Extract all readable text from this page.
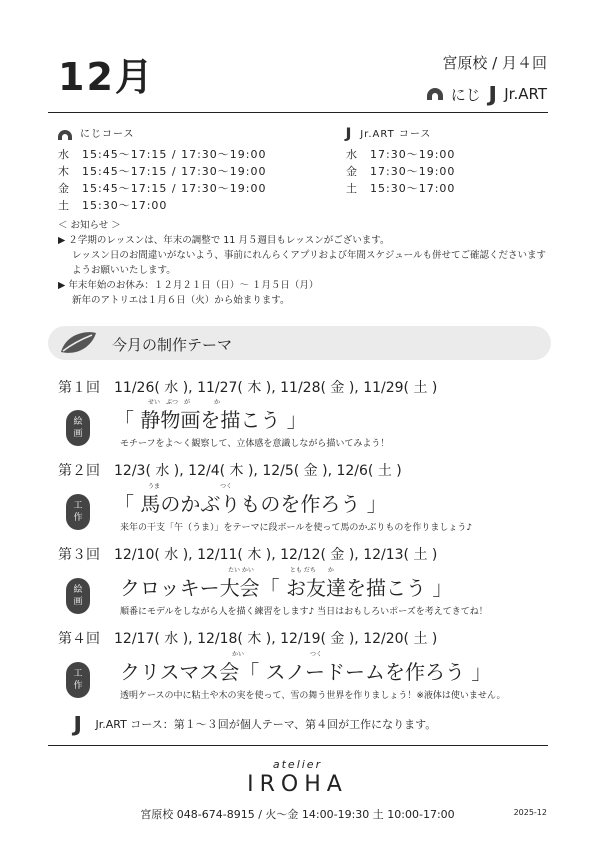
12月	宮原校 / 月４回
にじ J Jr.ART
にじコース
水　 15:45〜17:15 / 17:30〜19:00
木　 15:45〜17:15 / 17:30〜19:00
金　 15:45〜17:15 / 17:30〜19:00
土　 15:30〜17:00
J Jr.ART コース
水　 17:30〜19:00
金　 17:30〜19:00
土　 15:30〜17:00
＜ お知らせ ＞
▶ ２学期のレッスンは、年末の調整で 11 月５週目もレッスンがございます。
レッスン日のお間違いがないよう、事前にれんらくアプリおよび年間スケジュールも併せてご確認くださいます
ようお願いいたします。
▶ 年末年始のお休み：１２月２１日（日）〜 １月５日（月）
新年のアトリエは１月６日（火）から始まります。
今月の制作テーマ
第１回　 11/26( 水 ), 11/27( 木 ), 11/28( 金 ), 11/29( 土 )
絵
画
せい　ぶつ　が　　　　か
「 静物画を描こう 」
モチーフをよ〜く観察して、立体感を意識しながら描いてみよう！
第２回　 12/3( 水 ), 12/4( 木 ), 12/5( 金 ), 12/6( 土 )
工
作
うま　　　　　　　　　　つく
「 馬のかぶりものを作ろう 」
来年の干支「午（うま）」をテーマに段ボールを使って馬のかぶりものを作りましょう♪
第３回　 12/10( 水 ), 12/11( 木 ), 12/12( 金 ), 12/13( 土 )
絵
画
たい かい　　　　　　とも だち　　か
クロッキー大会「 お友達を描こう 」
順番にモデルをしながら人を描く練習をします♪ 当日はおもしろいポーズを考えてきてね！
第４回　 12/17( 水 ), 12/18( 木 ), 12/19( 金 ), 12/20( 土 )
工
作
かい　　　　　　　　　　　つく
クリスマス会「 スノードームを作ろう 」
透明ケースの中に粘土や木の実を使って、雪の舞う世界を作りましょう！※液体は使いません。
J Jr.ART コース：第１〜３回が個人テーマ、第４回が工作になります。
atelier
IROHA
宮原校 048-674-8915 / 火〜金 14:00-19:30 土 10:00-17:00	2025-12
